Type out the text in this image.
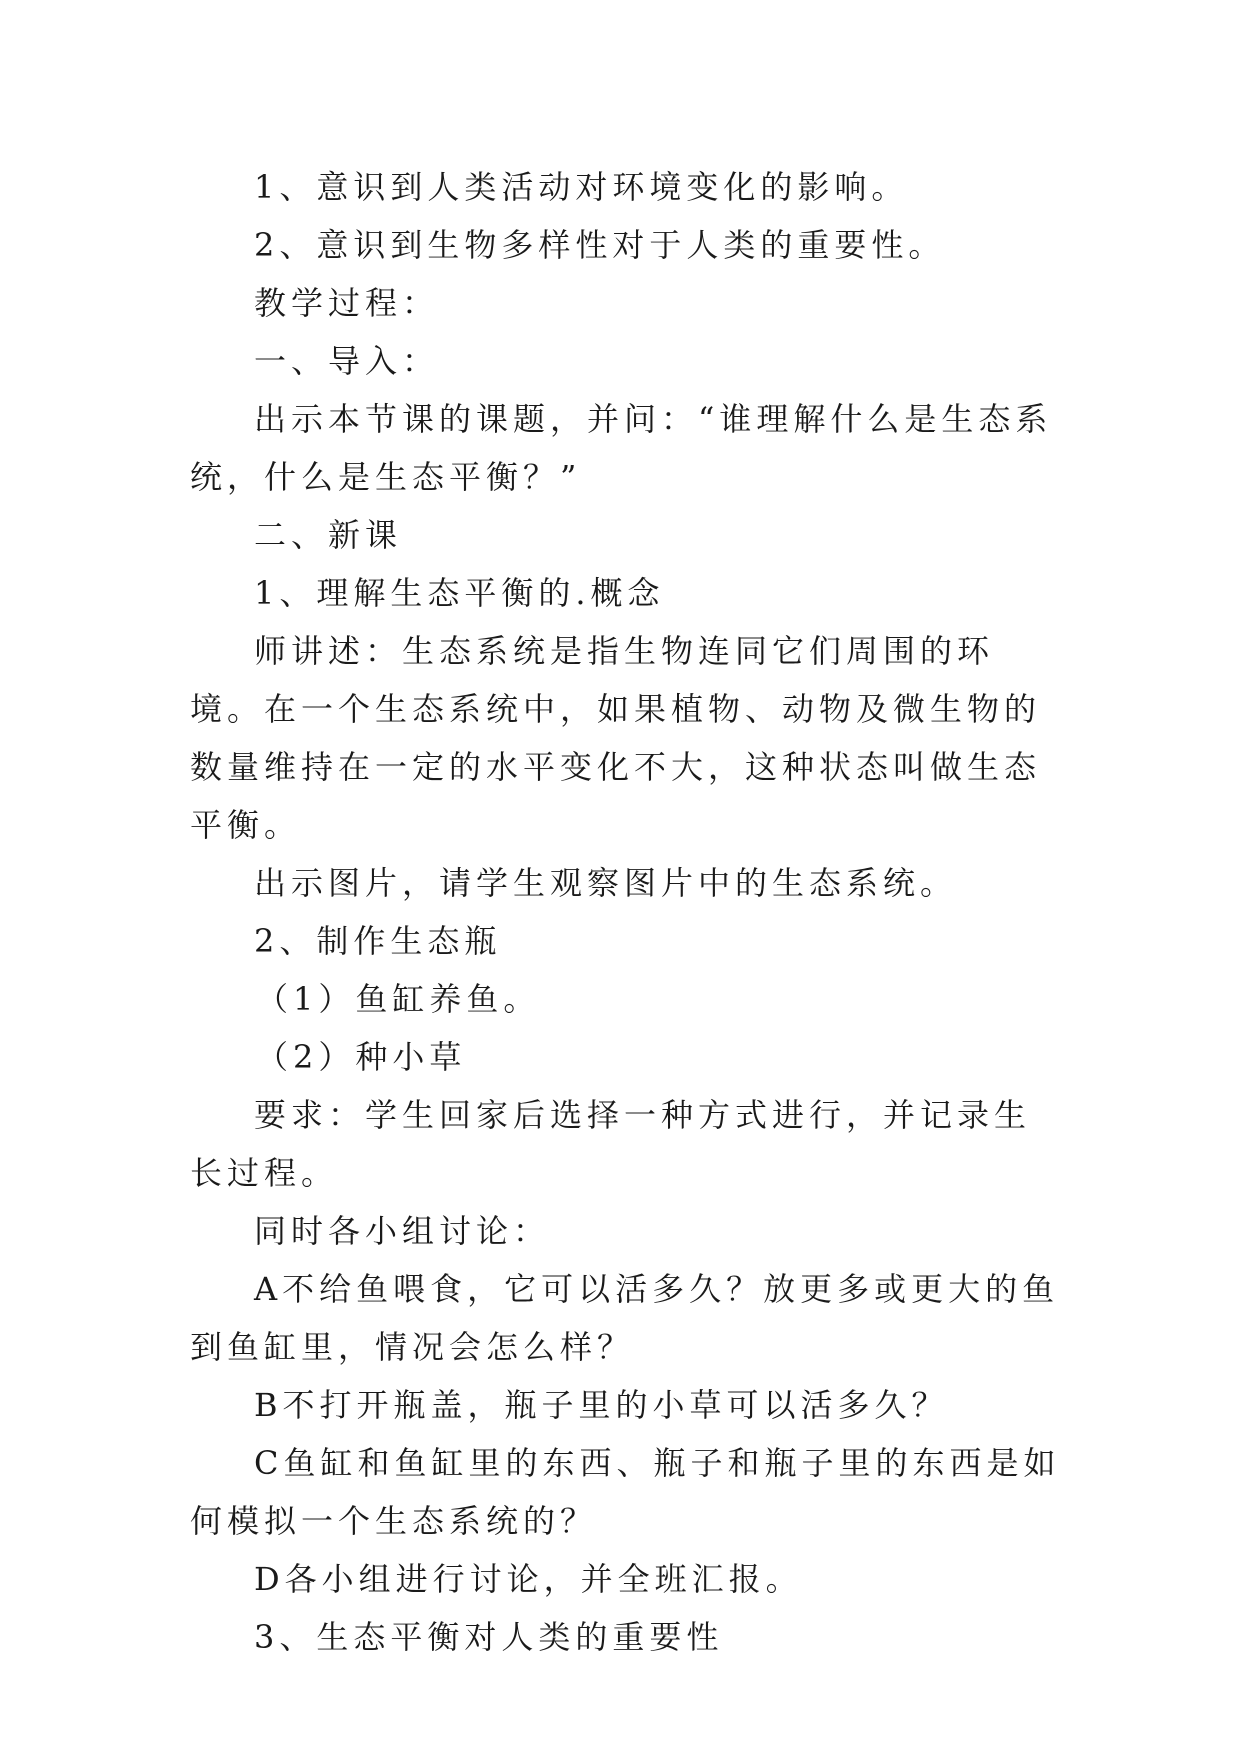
1、意识到人类活动对环境变化的影响。

2、意识到生物多样性对于人类的重要性。

教学过程：

一、导入：

出示本节课的课题，并问：“谁理解什么是生态系统，什么是生态平衡？”

二、新课

1、理解生态平衡的.概念

师讲述：生态系统是指生物连同它们周围的环境。在一个生态系统中，如果植物、动物及微生物的数量维持在一定的水平变化不大，这种状态叫做生态平衡。

出示图片，请学生观察图片中的生态系统。

2、制作生态瓶

（1）鱼缸养鱼。

（2）种小草

要求：学生回家后选择一种方式进行，并记录生长过程。

同时各小组讨论：

A不给鱼喂食，它可以活多久？放更多或更大的鱼到鱼缸里，情况会怎么样？

B不打开瓶盖，瓶子里的小草可以活多久？

C鱼缸和鱼缸里的东西、瓶子和瓶子里的东西是如何模拟一个生态系统的？

D各小组进行讨论，并全班汇报。

3、生态平衡对人类的重要性
